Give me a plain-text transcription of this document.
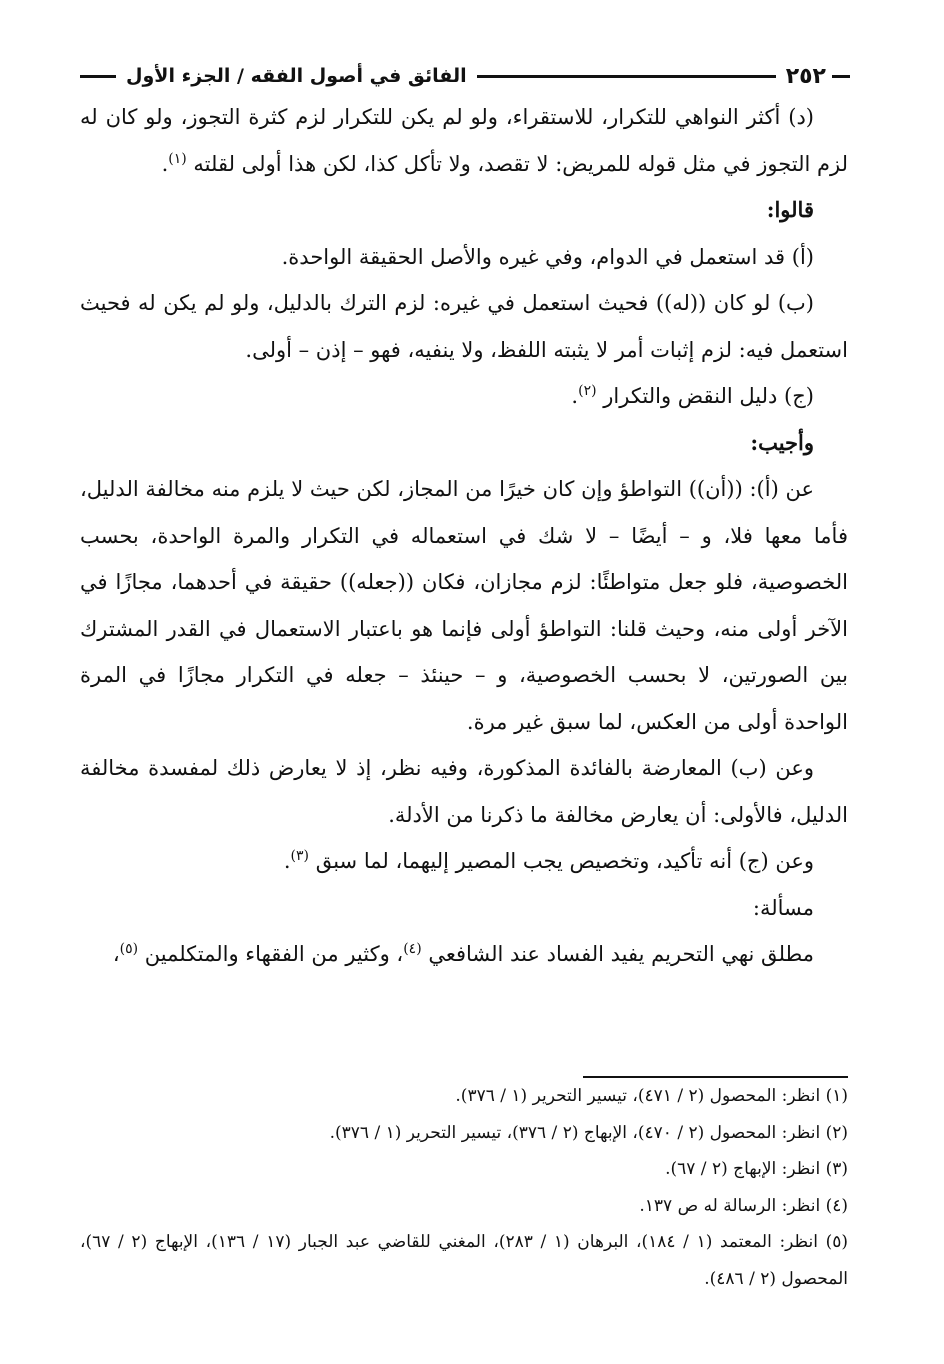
٢٥٢
الفائق في أصول الفقه / الجزء الأول

(د) أكثر النواهي للتكرار، للاستقراء، ولو لم يكن للتكرار لزم كثرة التجوز، ولو كان له لزم التجوز في مثل قوله للمريض: لا تقصد، ولا تأكل كذا، لكن هذا أولى لقلته $^{(١)}$.

قالوا:

(أ) قد استعمل في الدوام، وفي غيره والأصل الحقيقة الواحدة.

(ب) لو كان ((له)) فحيث استعمل في غيره: لزم الترك بالدليل، ولو لم يكن له فحيث استعمل فيه: لزم إثبات أمر لا يثبته اللفظ، ولا ينفيه، فهو – إذن – أولى.

(ج) دليل النقض والتكرار $^{(٢)}$.

وأجيب:

عن (أ): ((أن)) التواطؤ وإن كان خيرًا من المجاز، لكن حيث لا يلزم منه مخالفة الدليل، فأما معها فلا، و – أيضًا – لا شك في استعماله في التكرار والمرة الواحدة، بحسب الخصوصية، فلو جعل متواطئًا: لزم مجازان، فكان ((جعله)) حقيقة في أحدهما، مجازًا في الآخر أولى منه، وحيث قلنا: التواطؤ أولى فإنما هو باعتبار الاستعمال في القدر المشترك بين الصورتين، لا بحسب الخصوصية، و – حينئذ – جعله في التكرار مجازًا في المرة الواحدة أولى من العكس، لما سبق غير مرة.

وعن (ب) المعارضة بالفائدة المذكورة، وفيه نظر، إذ لا يعارض ذلك لمفسدة مخالفة الدليل، فالأولى: أن يعارض مخالفة ما ذكرنا من الأدلة.

وعن (ج) أنه تأكيد، وتخصيص يجب المصير إليهما، لما سبق $^{(٣)}$.

مسألة:

مطلق نهي التحريم يفيد الفساد عند الشافعي $^{(٤)}$، وكثير من الفقهاء والمتكلمين $^{(٥)}$،

(١) انظر: المحصول (٢ / ٤٧١)، تيسير التحرير (١ / ٣٧٦).

(٢) انظر: المحصول (٢ / ٤٧٠)، الإبهاج (٢ / ٣٧٦)، تيسير التحرير (١ / ٣٧٦).

(٣) انظر: الإبهاج (٢ / ٦٧).

(٤) انظر: الرسالة له ص ١٣٧.

(٥) انظر: المعتمد (١ / ١٨٤)، البرهان (١ / ٢٨٣)، المغني للقاضي عبد الجبار (١٧ / ١٣٦)، الإبهاج (٢ / ٦٧)، المحصول (٢ / ٤٨٦).
